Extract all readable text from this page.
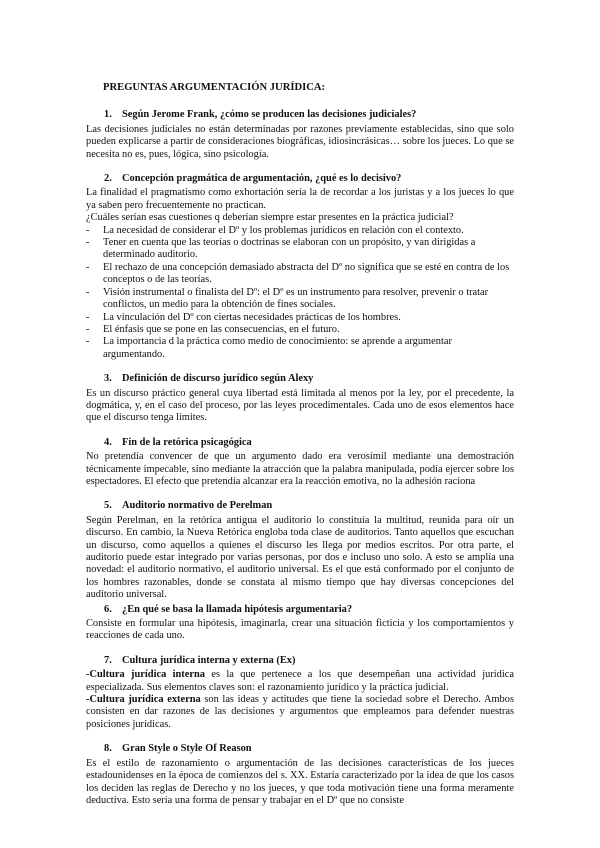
PREGUNTAS ARGUMENTACIÓN JURÍDICA:
1. Según Jerome Frank, ¿cómo se producen las decisiones judiciales?

Las decisiones judiciales no están determinadas por razones previamente establecidas, sino que solo pueden explicarse a partir de consideraciones biográficas, idiosincrásicas… sobre los jueces. Lo que se necesita no es, pues, lógica, sino psicología.

2. Concepción pragmática de argumentación, ¿qué es lo decisivo?

La finalidad el pragmatismo como exhortación sería la de recordar a los juristas y a los jueces lo que ya saben pero frecuentemente no practican.

¿Cuáles serían esas cuestiones q deberían siempre estar presentes en la práctica judicial?

- La necesidad de considerar el Dº y los problemas jurídicos en relación con el contexto.
- Tener en cuenta que las teorías o doctrinas se elaboran con un propósito, y van dirigidas a determinado auditorio.
- El rechazo de una concepción demasiado abstracta del Dº no significa que se esté en contra de los conceptos o de las teorías.
- Visión instrumental o finalista del Dº: el Dº es un instrumento para resolver, prevenir o tratar conflictos, un medio para la obtención de fines sociales.
- La vinculación del Dº con ciertas necesidades prácticas de los hombres.
- El énfasis que se pone en las consecuencias, en el futuro.
- La importancia d la práctica como medio de conocimiento: se aprende a argumentar argumentando.
3. Definición de discurso jurídico según Alexy

Es un discurso práctico general cuya libertad está limitada al menos por la ley, por el precedente, la dogmática, y, en el caso del proceso, por las leyes procedimentales. Cada uno de esos elementos hace que el discurso tenga límites.

4. Fin de la retórica psicagógica

No pretendía convencer de que un argumento dado era verosímil mediante una demostración técnicamente impecable, sino mediante la atracción que la palabra manipulada, podía ejercer sobre los espectadores. El efecto que pretendía alcanzar era la reacción emotiva, no la adhesión raciona

5. Auditorio normativo de Perelman

Según Perelman, en la retórica antigua el auditorio lo constituía la multitud, reunida para oír un discurso. En cambio, la Nueva Retórica engloba toda clase de auditorios. Tanto aquellos que escuchan un discurso, como aquellos a quienes el discurso les llega por medios escritos. Por otra parte, el auditorio puede estar integrado por varias personas, por dos e incluso uno solo. A esto se amplía una novedad: el auditorio normativo, el auditorio universal. Es el que está conformado por el conjunto de los hombres razonables, donde se constata al mismo tiempo que hay diversas concepciones del auditorio universal.

6. ¿En qué se basa la llamada hipótesis argumentaria?

Consiste en formular una hipótesis, imaginarla, crear una situación ficticia y los comportamientos y reacciones de cada uno.

7. Cultura jurídica interna y externa (Ex)

-Cultura jurídica interna es la que pertenece a los que desempeñan una actividad jurídica especializada. Sus elementos claves son: el razonamiento jurídico y la práctica judicial.

-Cultura jurídica externa son las ideas y actitudes que tiene la sociedad sobre el Derecho. Ambos consisten en dar razones de las decisiones y argumentos que empleamos para defender nuestras posiciones jurídicas.

8. Gran Style o Style Of Reason

Es el estilo de razonamiento o argumentación de las decisiones características de los jueces estadounidenses en la época de comienzos del s. XX. Estaría caracterizado por la idea de que los casos los deciden las reglas de Derecho y no los jueces, y que toda motivación tiene una forma meramente deductiva. Esto sería una forma de pensar y trabajar en el Dº que no consiste
